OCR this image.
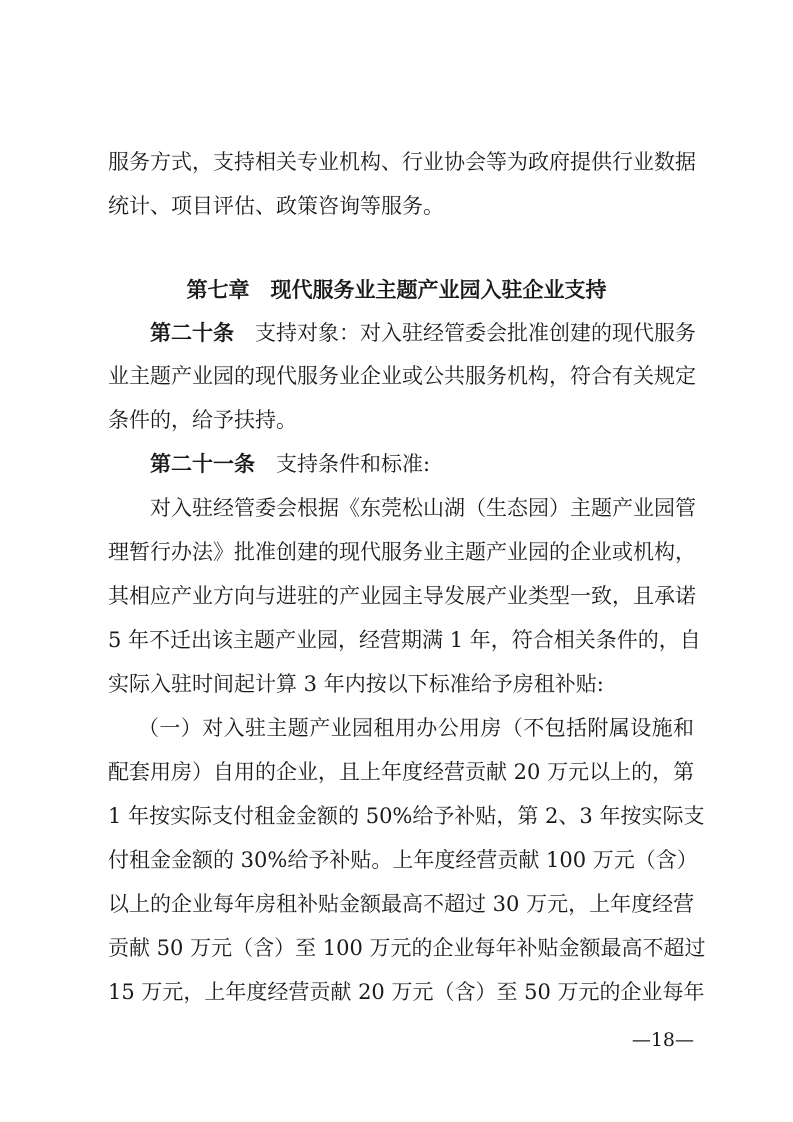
服务方式，支持相关专业机构、行业协会等为政府提供行业数据
统计、项目评估、政策咨询等服务。
第七章　现代服务业主题产业园入驻企业支持
第二十条  支持对象：对入驻经管委会批准创建的现代服务
业主题产业园的现代服务业企业或公共服务机构，符合有关规定
条件的，给予扶持。
第二十一条  支持条件和标准:
对入驻经管委会根据《东莞松山湖（生态园）主题产业园管
理暂行办法》批准创建的现代服务业主题产业园的企业或机构，
其相应产业方向与进驻的产业园主导发展产业类型一致，且承诺
5 年不迁出该主题产业园，经营期满 1 年，符合相关条件的，自
实际入驻时间起计算 3 年内按以下标准给予房租补贴:
（一）对入驻主题产业园租用办公用房（不包括附属设施和
配套用房）自用的企业，且上年度经营贡献 20 万元以上的，第
1 年按实际支付租金金额的 50%给予补贴，第 2、3 年按实际支
付租金金额的 30%给予补贴。上年度经营贡献 100 万元（含）
以上的企业每年房租补贴金额最高不超过 30 万元，上年度经营
贡献 50 万元（含）至 100 万元的企业每年补贴金额最高不超过
15 万元，上年度经营贡献 20 万元（含）至 50 万元的企业每年
—18—
